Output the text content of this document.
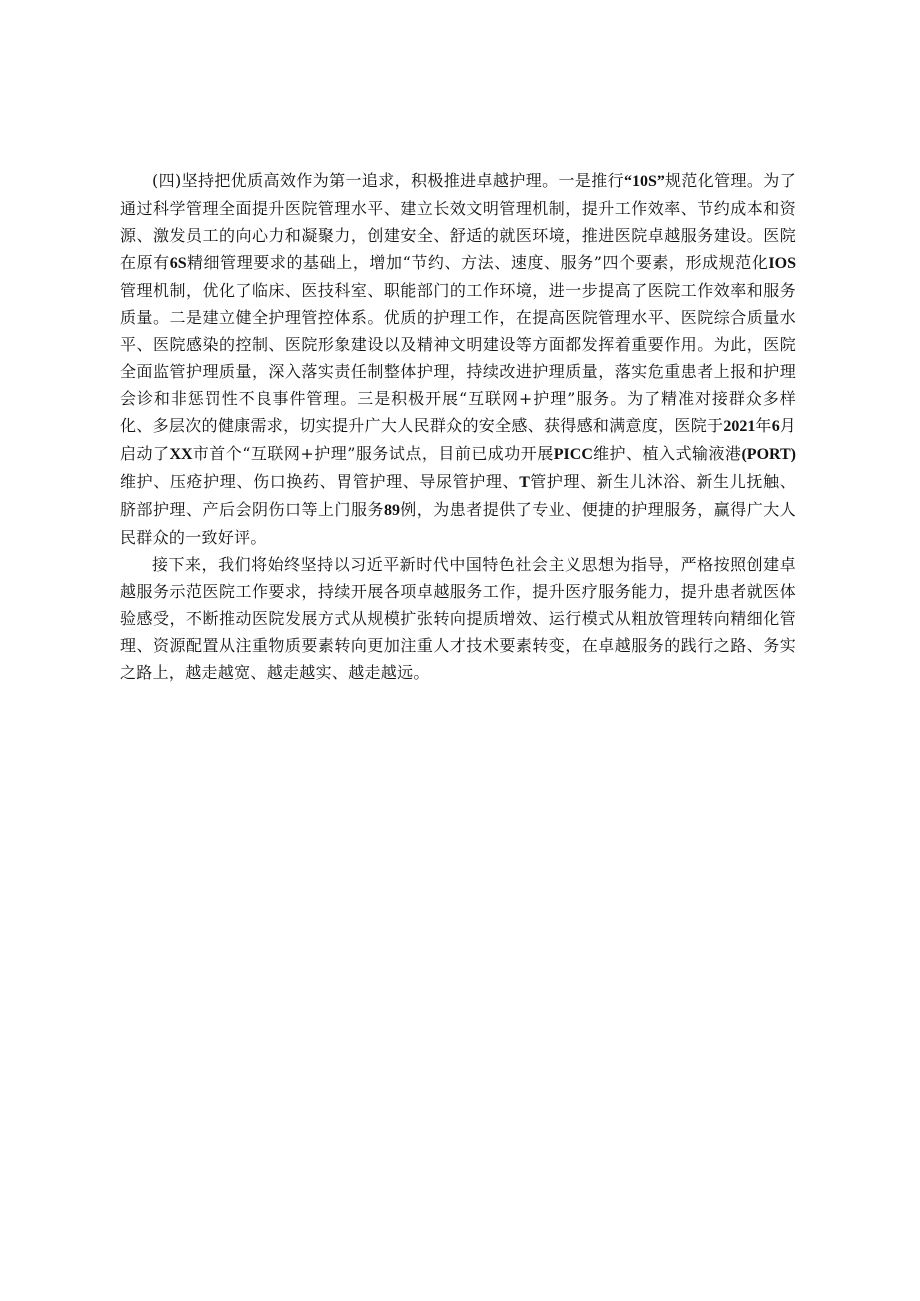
(四)坚持把优质高效作为第一追求，积极推进卓越护理。一是推行“10S”规范化管理。为了通过科学管理全面提升医院管理水平、建立长效文明管理机制，提升工作效率、节约成本和资源、激发员工的向心力和凝聚力，创建安全、舒适的就医环境，推进医院卓越服务建设。医院在原有6S精细管理要求的基础上，增加“节约、方法、速度、服务”四个要素，形成规范化IOS管理机制，优化了临床、医技科室、职能部门的工作环境，进一步提高了医院工作效率和服务质量。二是建立健全护理管控体系。优质的护理工作，在提高医院管理水平、医院综合质量水平、医院感染的控制、医院形象建设以及精神文明建设等方面都发挥着重要作用。为此，医院全面监管护理质量，深入落实责任制整体护理，持续改进护理质量，落实危重患者上报和护理会诊和非惩罚性不良事件管理。三是积极开展“互联网+护理”服务。为了精准对接群众多样化、多层次的健康需求，切实提升广大人民群众的安全感、获得感和满意度，医院于2021年6月启动了XX市首个“互联网+护理”服务试点，目前已成功开展PICC维护、植入式输液港(PORT)维护、压疮护理、伤口换药、胃管护理、导尿管护理、T管护理、新生儿沐浴、新生儿抚触、脐部护理、产后会阴伤口等上门服务89例，为患者提供了专业、便捷的护理服务，赢得广大人民群众的一致好评。

接下来，我们将始终坚持以习近平新时代中国特色社会主义思想为指导，严格按照创建卓越服务示范医院工作要求，持续开展各项卓越服务工作，提升医疗服务能力，提升患者就医体验感受，不断推动医院发展方式从规模扩张转向提质增效、运行模式从粗放管理转向精细化管理、资源配置从注重物质要素转向更加注重人才技术要素转变，在卓越服务的践行之路、务实之路上，越走越宽、越走越实、越走越远。
